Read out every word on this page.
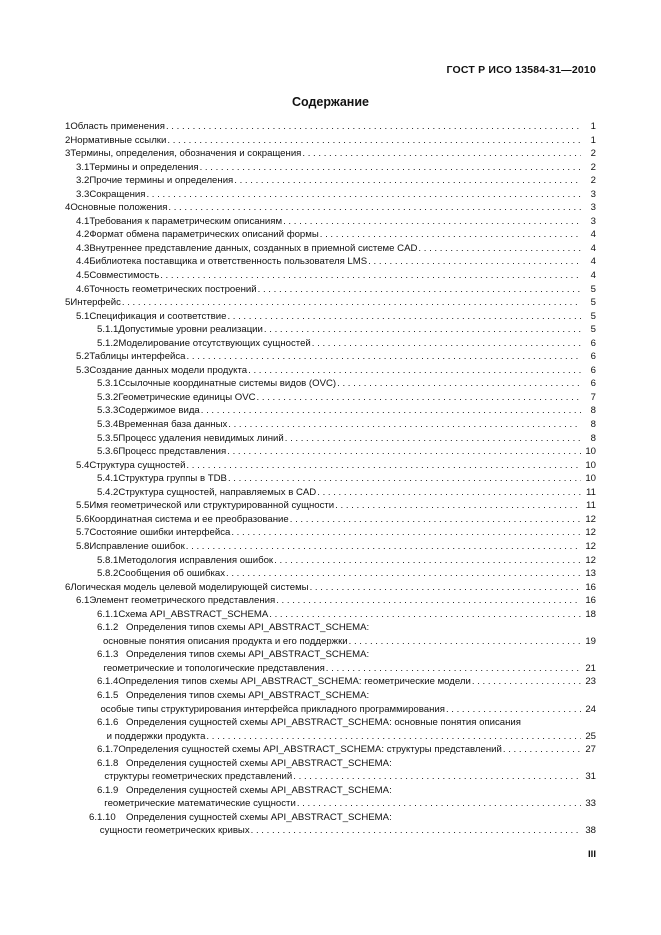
ГОСТ Р ИСО 13584-31—2010
Содержание
1 Область применения . . .	1
2 Нормативные ссылки . . .	1
3 Термины, определения, обозначения и сокращения . . .	2
3.1 Термины и определения . . .	2
3.2 Прочие термины и определения . . .	2
3.3 Сокращения . . .	3
4 Основные положения . . .	3
4.1 Требования к параметрическим описаниям . . .	3
4.2 Формат обмена параметрических описаний формы . . .	4
4.3 Внутреннее представление данных, созданных в приемной системе CAD . . .	4
4.4 Библиотека поставщика и ответственность пользователя LMS . . .	4
4.5 Совместимость . . .	4
4.6 Точность геометрических построений . . .	5
5 Интерфейс . . .	5
5.1 Спецификация и соответствие . . .	5
5.1.1 Допустимые уровни реализации . . .	5
5.1.2 Моделирование отсутствующих сущностей . . .	6
5.2 Таблицы интерфейса . . .	6
5.3 Создание данных модели продукта . . .	6
5.3.1 Ссылочные координатные системы видов (OVC) . . .	6
5.3.2 Геометрические единицы OVC . . .	7
5.3.3 Содержимое вида . . .	8
5.3.4 Временная база данных . . .	8
5.3.5 Процесс удаления невидимых линий . . .	8
5.3.6 Процесс представления . . .	10
5.4 Структура сущностей . . .	10
5.4.1 Структура группы в TDB . . .	10
5.4.2 Структура сущностей, направляемых в CAD . . .	11
5.5 Имя геометрической или структурированной сущности . . .	11
5.6 Координатная система и ее преобразование . . .	12
5.7 Состояние ошибки интерфейса . . .	12
5.8 Исправление ошибок . . .	12
5.8.1 Методология исправления ошибок . . .	12
5.8.2 Сообщения об ошибках . . .	13
6 Логическая модель целевой моделирующей системы . . .	16
6.1 Элемент геометрического представления . . .	16
6.1.1 Схема API_ABSTRACT_SCHEMA . . .	18
6.1.2 Определения типов схемы API_ABSTRACT_SCHEMA:
основные понятия описания продукта и его поддержки . . .	19
6.1.3 Определения типов схемы API_ABSTRACT_SCHEMA:
геометрические и топологические представления . . .	21
6.1.4 Определения типов схемы API_ABSTRACT_SCHEMA: геометрические модели . . .	23
6.1.5 Определения типов схемы API_ABSTRACT_SCHEMA:
особые типы структурирования интерфейса прикладного программирования . . .	24
6.1.6 Определения сущностей схемы API_ABSTRACT_SCHEMA: основные понятия описания
и поддержки продукта . . .	25
6.1.7 Определения сущностей схемы API_ABSTRACT_SCHEMA: структуры представлений . . .	27
6.1.8 Определения сущностей схемы API_ABSTRACT_SCHEMA:
структуры геометрических представлений . . .	31
6.1.9 Определения сущностей схемы API_ABSTRACT_SCHEMA:
геометрические математические сущности . . .	33
6.1.10	Определения сущностей схемы API_ABSTRACT_SCHEMA:
сущности геометрических кривых . . .	38
III
